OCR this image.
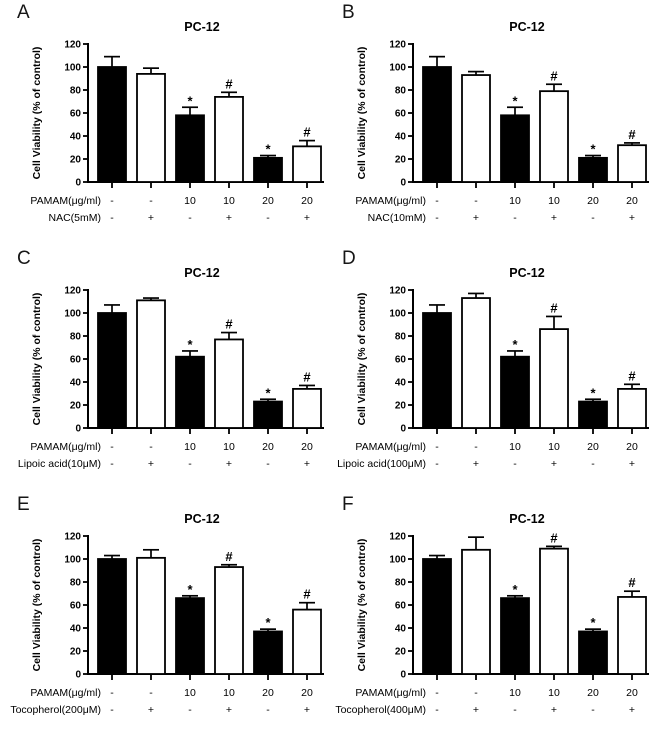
PC-12
Cell Viability (% of control)
0
20
40
60
80
100
120
*
#
*
#
PAMAM(μg/ml) -	-	10	10	20	20
NAC(5mM) -	+	-	+	-	+
A
PC-12
Cell Viability (% of control)
0
20
40
60
80
100
120
*
#
*
#
PAMAM(μg/ml) -	-	10	10	20	20
NAC(10mM) -	+	-	+	-	+
B
PC-12
Cell Viability (% of control)
0
20
40
60
80
100
120
*
#
*
#
PAMAM(μg/ml) -	-	10	10	20	20
Lipoic acid(10μM) -	+	-	+	-	+
C
PC-12
Cell Viability (% of control)
0
20
40
60
80
100
120
*
#
*
#
PAMAM(μg/ml) -	-	10	10	20	20
Lipoic acid(100μM) -	+	-	+	-	+
D
PC-12
Cell Viability (% of control)
0
20
40
60
80
100
120
*
#
*
#
PAMAM(μg/ml) -	-	10	10	20	20
Tocopherol(200μM) -	+	-	+	-	+
E
PC-12
Cell Viability (% of control)
0
20
40
60
80
100
120
*
#
*
#
PAMAM(μg/ml) -	-	10	10	20	20
Tocopherol(400μM) -	+	-	+	-	+
F
